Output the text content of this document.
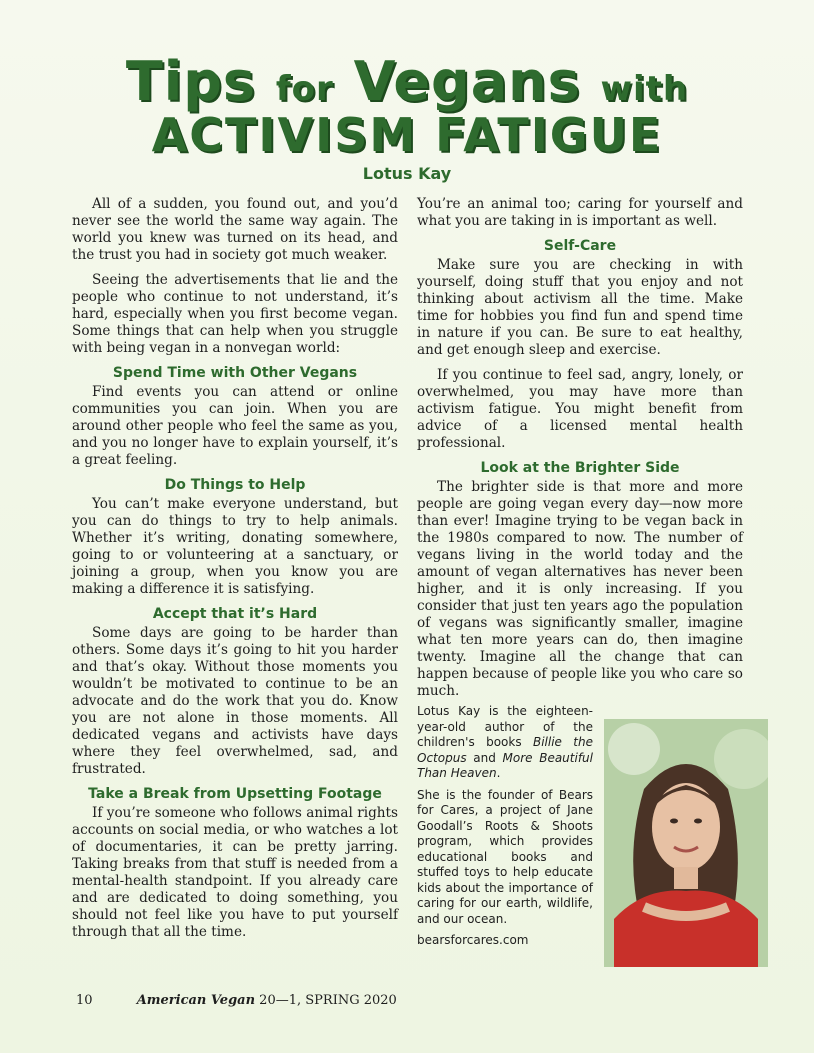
Tips for Vegans with
ACTIVISM FATIGUE
Lotus Kay

All of a sudden, you found out, and you’d never see the world the same way again. The world you knew was turned on its head, and the trust you had in society got much weaker.

Seeing the advertisements that lie and the people who continue to not understand, it’s hard, especially when you first become vegan. Some things that can help when you struggle with being vegan in a nonvegan world:

Spend Time with Other Vegans

Find events you can attend or online communities you can join. When you are around other people who feel the same as you, and you no longer have to explain yourself, it’s a great feeling.

Do Things to Help

You can’t make everyone understand, but you can do things to try to help animals. Whether it’s writing, donating somewhere, going to or volunteering at a sanctuary, or joining a group, when you know you are making a difference it is satisfying.

Accept that it’s Hard

Some days are going to be harder than others. Some days it’s going to hit you harder and that’s okay. Without those moments you wouldn’t be motivated to continue to be an advocate and do the work that you do. Know you are not alone in those moments. All dedicated vegans and activists have days where they feel overwhelmed, sad, and frustrated.

Take a Break from Upsetting Footage

If you’re someone who follows animal rights accounts on social media, or who watches a lot of documentaries, it can be pretty jarring. Taking breaks from that stuff is needed from a mental-health standpoint. If you already care and are dedicated to doing something, you should not feel like you have to put yourself through that all the time.

You’re an animal too; caring for yourself and what you are taking in is important as well.

Self-Care

Make sure you are checking in with yourself, doing stuff that you enjoy and not thinking about activism all the time. Make time for hobbies you find fun and spend time in nature if you can. Be sure to eat healthy, and get enough sleep and exercise.

If you continue to feel sad, angry, lonely, or overwhelmed, you may have more than activism fatigue. You might benefit from advice of a licensed mental health professional.

Look at the Brighter Side

The brighter side is that more and more people are going vegan every day—now more than ever! Imagine trying to be vegan back in the 1980s compared to now. The number of vegans living in the world today and the amount of vegan alternatives has never been higher, and it is only increasing. If you consider that just ten years ago the population of vegans was significantly smaller, imagine what ten more years can do, then imagine twenty. Imagine all the change that can happen because of people like you who care so much.

Lotus Kay is the eighteen-year-old author of the children's books Billie the Octopus and More Beautiful Than Heaven.

She is the founder of Bears for Cares, a project of Jane Goodall’s Roots & Shoots program, which provides educational books and stuffed toys to help educate kids about the importance of caring for our earth, wildlife, and our ocean.

bearsforcares.com

10	American Vegan 20—1, SPRING 2020
